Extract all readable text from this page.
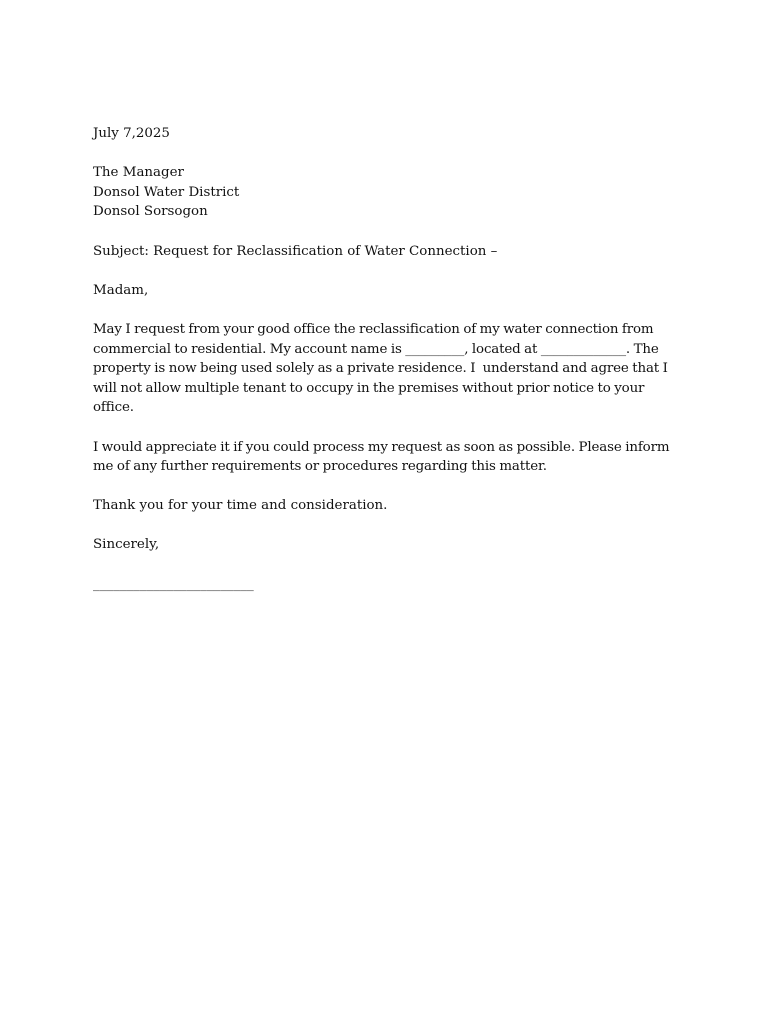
July 7,2025

The Manager

Donsol Water District

Donsol Sorsogon

Subject: Request for Reclassification of Water Connection –

Madam,

May I request from your good office the reclassification of my water connection from commercial to residential. My account name is _________, located at _____________. The property is now being used solely as a private residence. I  understand and agree that I will not allow multiple tenant to occupy in the premises without prior notice to your office.

I would appreciate it if you could process my request as soon as possible. Please inform me of any further requirements or procedures regarding this matter.

Thank you for your time and consideration.

Sincerely,

________________________
